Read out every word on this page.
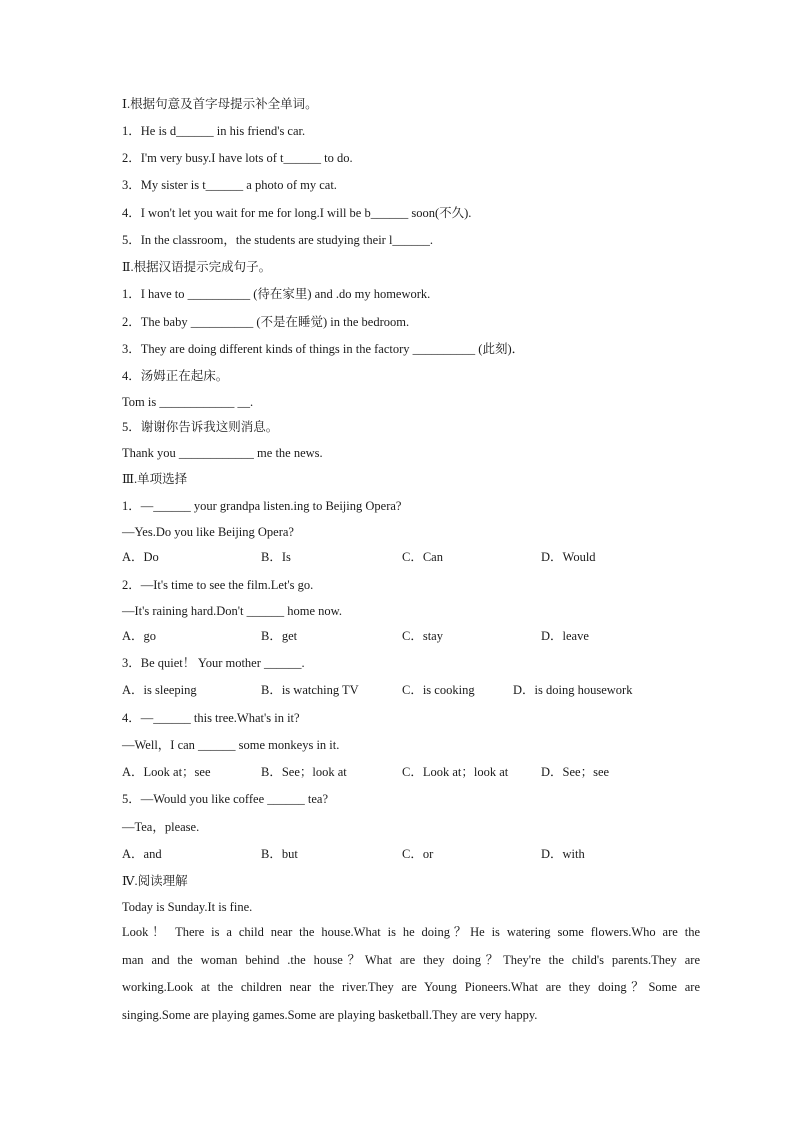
Ⅰ.根据句意及首字母提示补全单词。
1．He is d______ in his friend's car.
2．I'm very busy.I have lots of t______ to do.
3．My sister is t______ a photo of my cat.
4．I won't let you wait for me for long.I will be b______ soon(不久).
5．In the classroom，the students are studying their l______.
Ⅱ.根据汉语提示完成句子。
1．I have to __________ (待在家里) and .do my homework.
2．The baby __________ (不是在睡觉) in the bedroom.
3．They are doing different kinds of things in the factory __________ (此刻)．
4．汤姆正在起床。
Tom is ____________ __.
5．谢谢你告诉我这则消息。
Thank you ____________ me the news.
Ⅲ.单项选择
1．—______ your grandpa listen.ing to Beijing Opera?
—Yes.Do you like Beijing Opera?
A．Do	B．Is	C．Can	D．Would
2．—It's time to see the film.Let's go.
—It's raining hard.Don't ______ home now.
A．go	B．get	C．stay	D．leave
3．Be quiet！ Your mother ______.
A．is sleeping	B．is watching TV	C．is cooking	D．is doing housework
4．—______ this tree.What's in it?
—Well，I can ______ some monkeys in it.
A．Look at；see	B．See；look at	C．Look at；look at	D．See；see
5．—Would you like coffee ______ tea?
—Tea，please.
A．and	B．but	C．or	D．with
Ⅳ.阅读理解
Today is Sunday.It is fine.
Look！ There is a child near the house.What is he doing？He is watering some flowers.Who are the
man and the woman behind .the house？What are they doing？They're the child's parents.They are
working.Look at the children near the river.They are Young Pioneers.What are they doing？Some are
singing.Some are playing games.Some are playing basketball.They are very happy.
